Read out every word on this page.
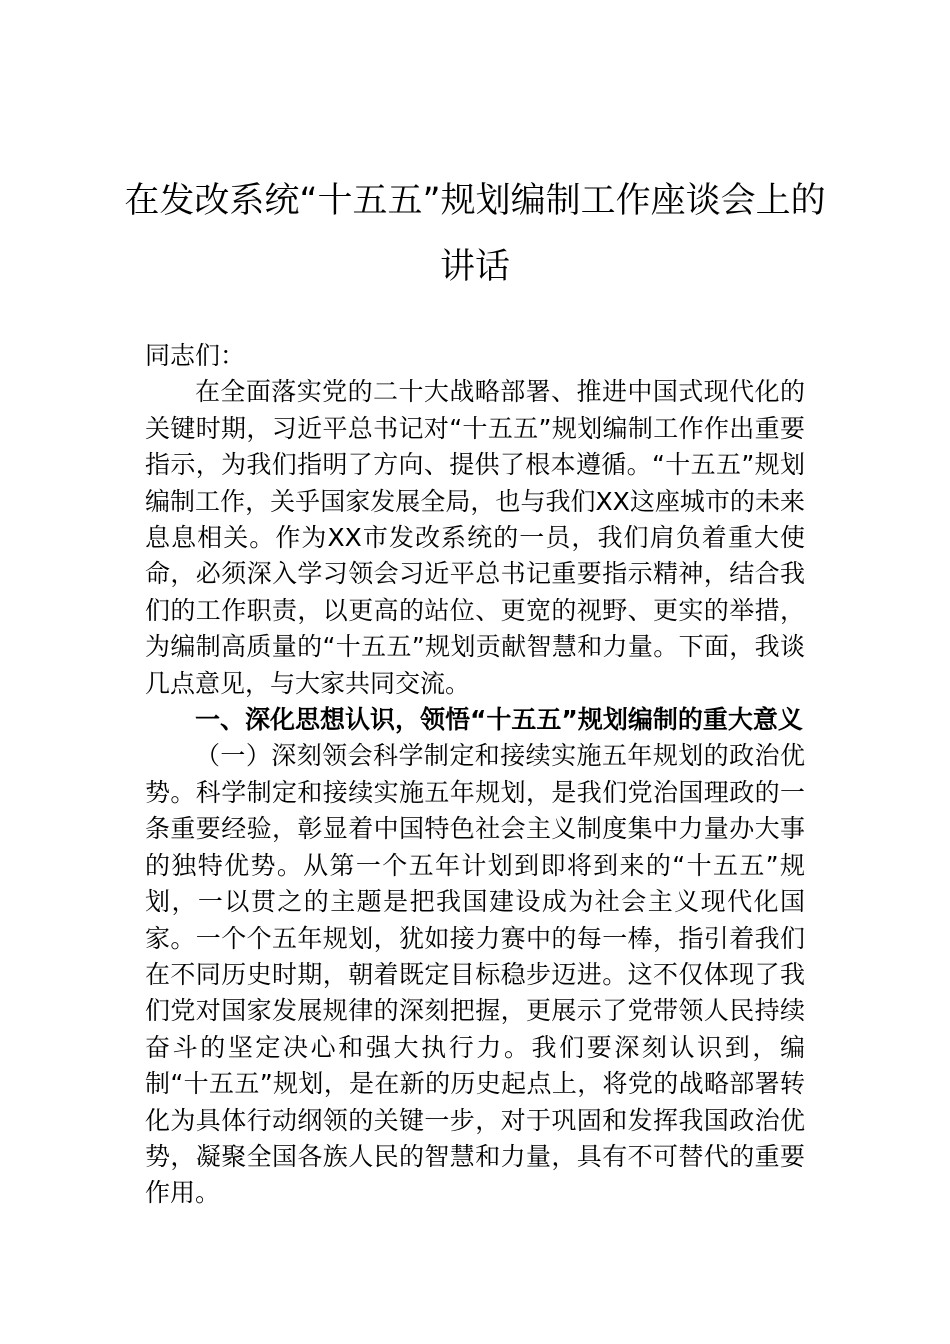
在发改系统“十五五”规划编制工作座谈会上的讲话

同志们：

在全面落实党的二十大战略部署、推进中国式现代化的关键时期，习近平总书记对“十五五”规划编制工作作出重要指示，为我们指明了方向、提供了根本遵循。“十五五”规划编制工作，关乎国家发展全局，也与我们XX这座城市的未来息息相关。作为XX市发改系统的一员，我们肩负着重大使命，必须深入学习领会习近平总书记重要指示精神，结合我们的工作职责，以更高的站位、更宽的视野、更实的举措，为编制高质量的“十五五”规划贡献智慧和力量。下面，我谈几点意见，与大家共同交流。

一、深化思想认识，领悟“十五五”规划编制的重大意义

（一）深刻领会科学制定和接续实施五年规划的政治优势。科学制定和接续实施五年规划，是我们党治国理政的一条重要经验，彰显着中国特色社会主义制度集中力量办大事的独特优势。从第一个五年计划到即将到来的“十五五”规划，一以贯之的主题是把我国建设成为社会主义现代化国家。一个个五年规划，犹如接力赛中的每一棒，指引着我们在不同历史时期，朝着既定目标稳步迈进。这不仅体现了我们党对国家发展规律的深刻把握，更展示了党带领人民持续奋斗的坚定决心和强大执行力。我们要深刻认识到，编制“十五五”规划，是在新的历史起点上，将党的战略部署转化为具体行动纲领的关键一步，对于巩固和发挥我国政治优势，凝聚全国各族人民的智慧和力量，具有不可替代的重要作用。
